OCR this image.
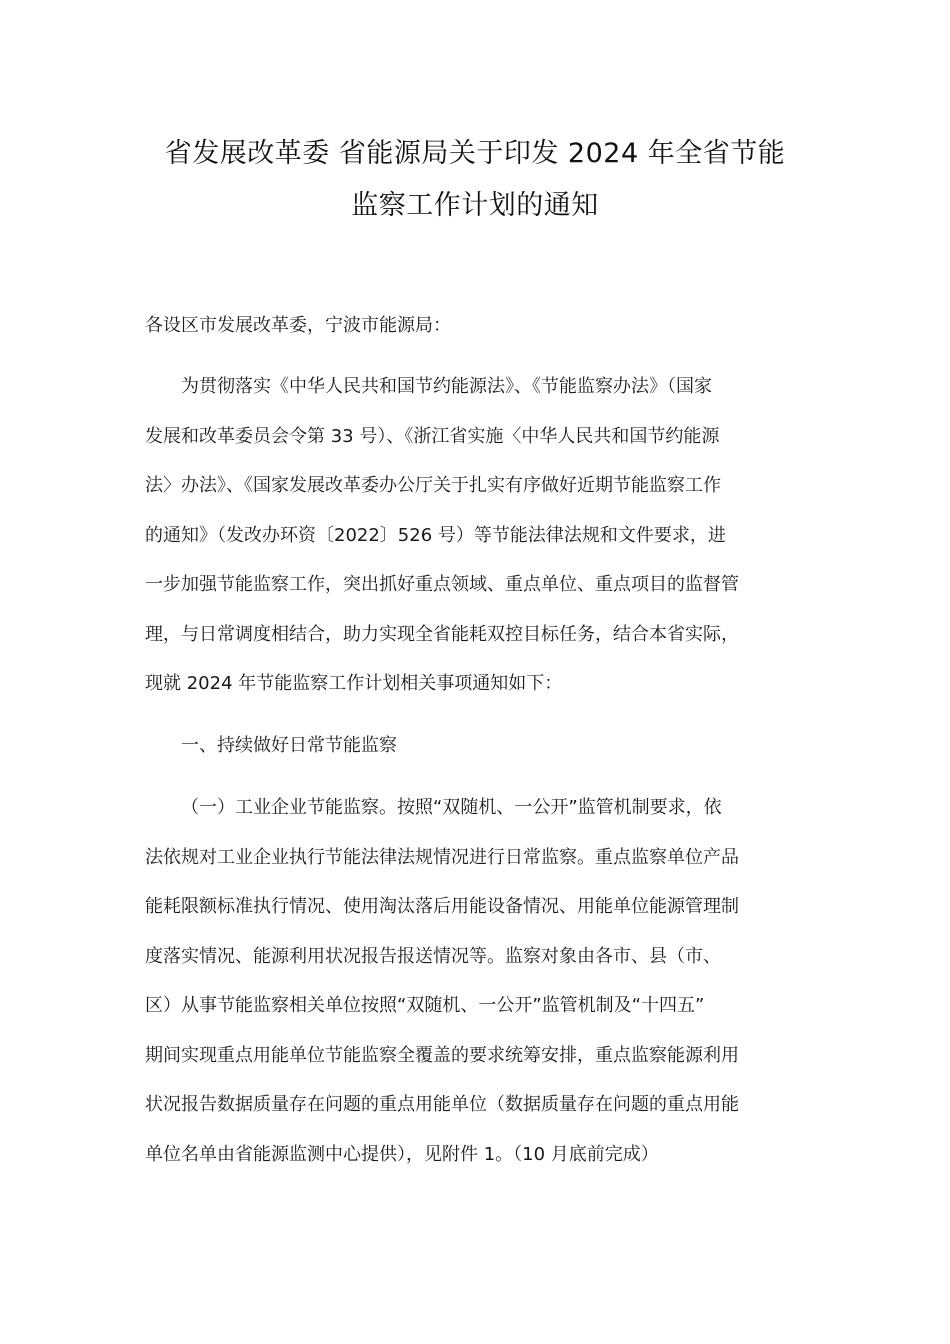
省发展改革委 省能源局关于印发 2024 年全省节能
监察工作计划的通知
各设区市发展改革委，宁波市能源局：
为贯彻落实《中华人民共和国节约能源法》、《节能监察办法》（国家
发展和改革委员会令第 33 号）、《浙江省实施〈中华人民共和国节约能源
法〉办法》、《国家发展改革委办公厅关于扎实有序做好近期节能监察工作
的通知》（发改办环资〔2022〕526 号）等节能法律法规和文件要求，进
一步加强节能监察工作，突出抓好重点领域、重点单位、重点项目的监督管
理，与日常调度相结合，助力实现全省能耗双控目标任务，结合本省实际，
现就 2024 年节能监察工作计划相关事项通知如下：
一、持续做好日常节能监察
（一）工业企业节能监察。按照“双随机、一公开”监管机制要求，依
法依规对工业企业执行节能法律法规情况进行日常监察。重点监察单位产品
能耗限额标准执行情况、使用淘汰落后用能设备情况、用能单位能源管理制
度落实情况、能源利用状况报告报送情况等。监察对象由各市、县（市、
区）从事节能监察相关单位按照“双随机、一公开”监管机制及“十四五”
期间实现重点用能单位节能监察全覆盖的要求统筹安排，重点监察能源利用
状况报告数据质量存在问题的重点用能单位（数据质量存在问题的重点用能
单位名单由省能源监测中心提供），见附件 1。（10 月底前完成）
